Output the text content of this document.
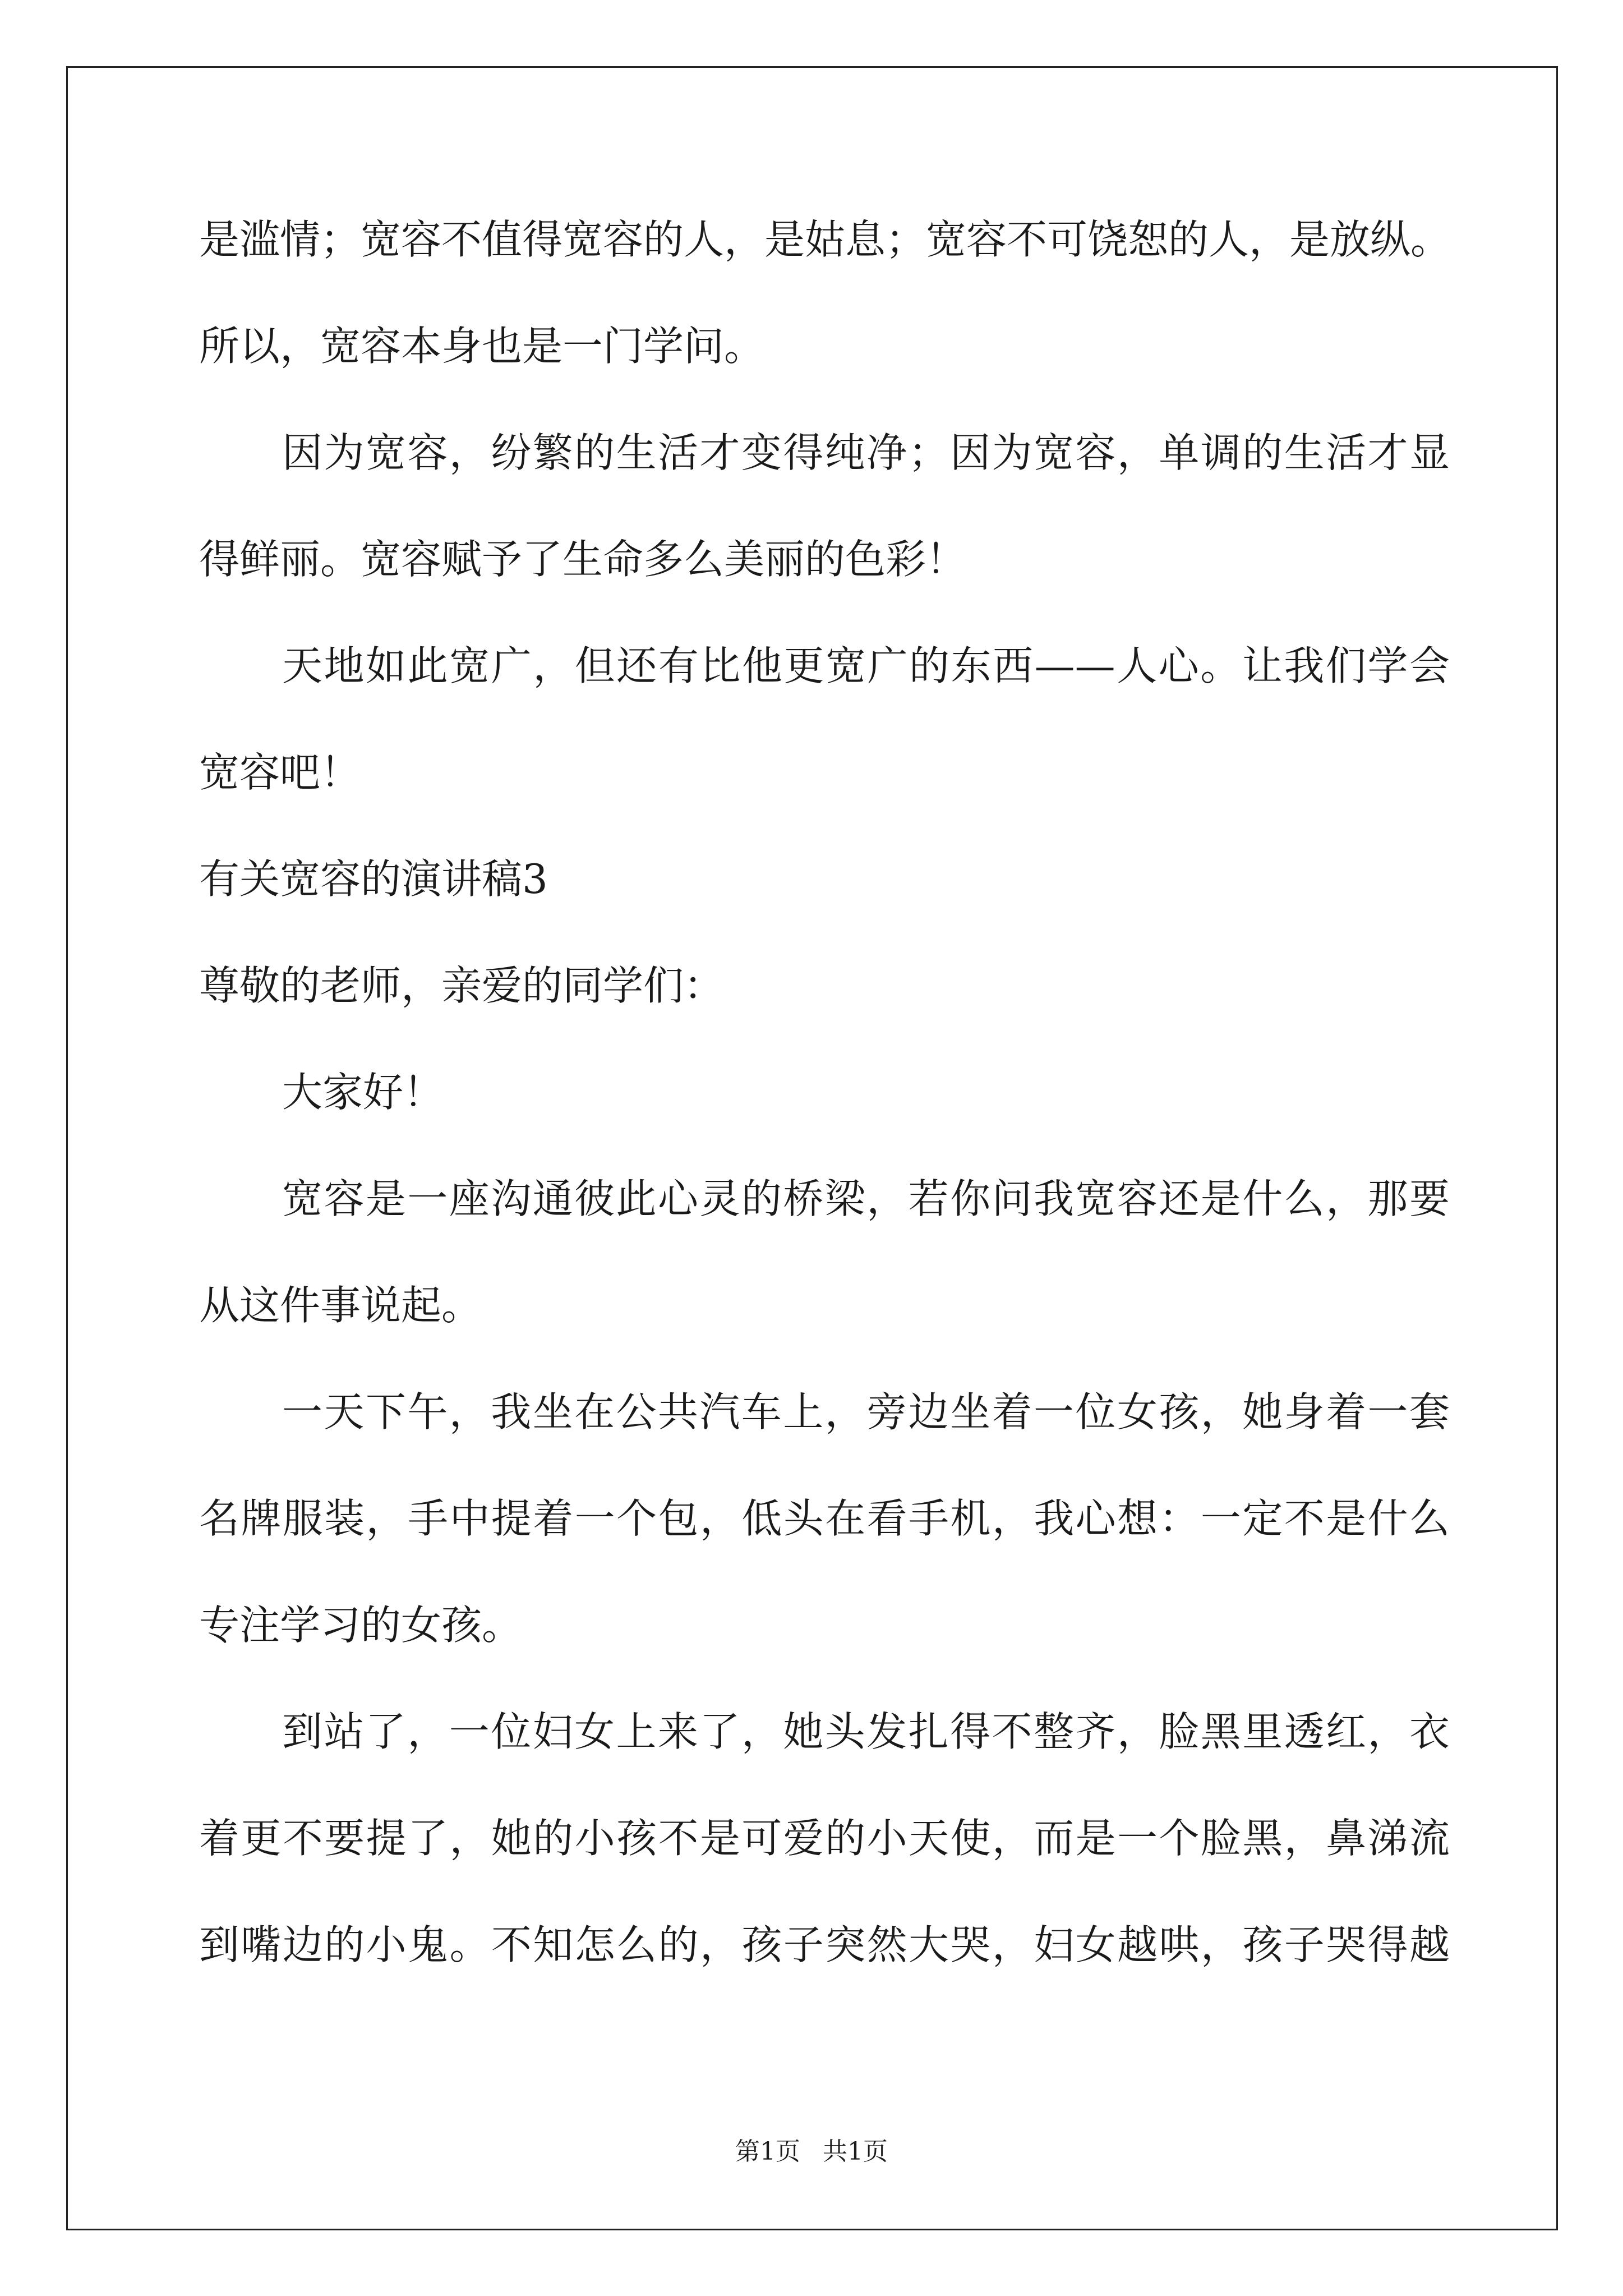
是滥情；宽容不值得宽容的人，是姑息；宽容不可饶恕的人，是放纵。
所以，宽容本身也是一门学问。
因为宽容，纷繁的生活才变得纯净；因为宽容，单调的生活才显
得鲜丽。宽容赋予了生命多么美丽的色彩！
天地如此宽广，但还有比他更宽广的东西——人心。让我们学会
宽容吧！
有关宽容的演讲稿3
尊敬的老师，亲爱的同学们：
大家好！
宽容是一座沟通彼此心灵的桥梁，若你问我宽容还是什么，那要
从这件事说起。
一天下午，我坐在公共汽车上，旁边坐着一位女孩，她身着一套
名牌服装，手中提着一个包，低头在看手机，我心想：一定不是什么
专注学习的女孩。
到站了，一位妇女上来了，她头发扎得不整齐，脸黑里透红，衣
着更不要提了，她的小孩不是可爱的小天使，而是一个脸黑，鼻涕流
到嘴边的小鬼。不知怎么的，孩子突然大哭，妇女越哄，孩子哭得越
第1页 共1页
